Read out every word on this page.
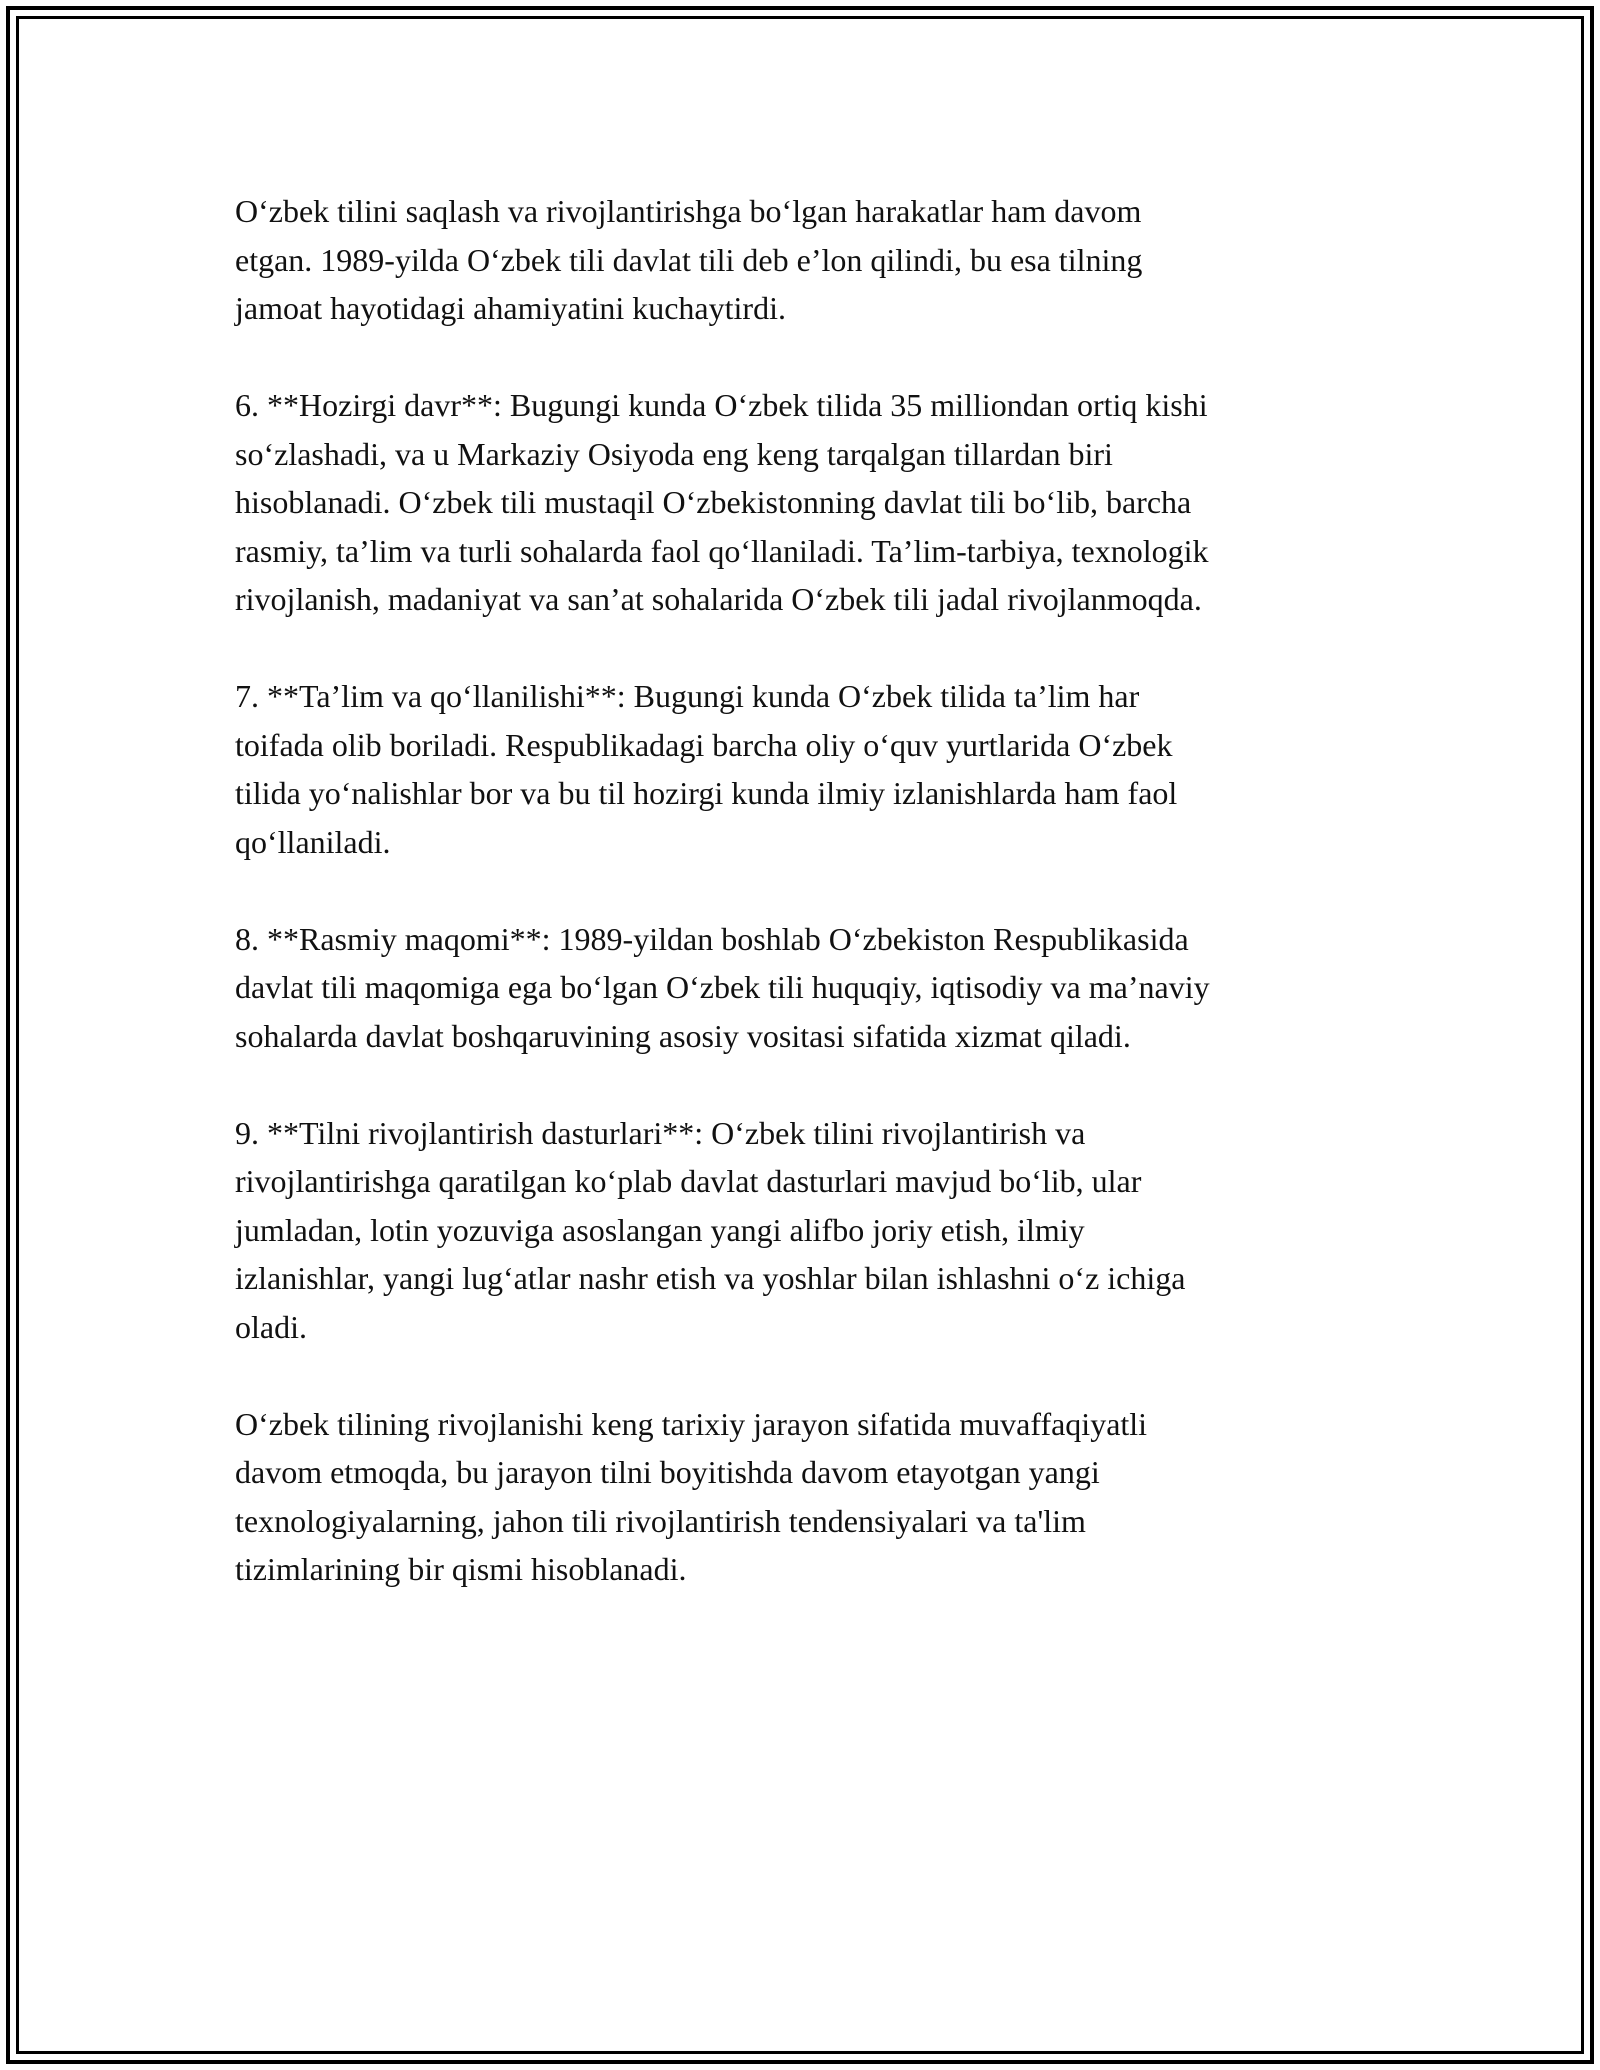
O‘zbek tilini saqlash va rivojlantirishga bo‘lgan harakatlar ham davom
etgan. 1989-yilda O‘zbek tili davlat tili deb e’lon qilindi, bu esa tilning
jamoat hayotidagi ahamiyatini kuchaytirdi.

6. **Hozirgi davr**: Bugungi kunda O‘zbek tilida 35 milliondan ortiq kishi
so‘zlashadi, va u Markaziy Osiyoda eng keng tarqalgan tillardan biri
hisoblanadi. O‘zbek tili mustaqil O‘zbekistonning davlat tili bo‘lib, barcha
rasmiy, ta’lim va turli sohalarda faol qo‘llaniladi. Ta’lim-tarbiya, texnologik
rivojlanish, madaniyat va san’at sohalarida O‘zbek tili jadal rivojlanmoqda.

7. **Ta’lim va qo‘llanilishi**: Bugungi kunda O‘zbek tilida ta’lim har
toifada olib boriladi. Respublikadagi barcha oliy o‘quv yurtlarida O‘zbek
tilida yo‘nalishlar bor va bu til hozirgi kunda ilmiy izlanishlarda ham faol
qo‘llaniladi.

8. **Rasmiy maqomi**: 1989-yildan boshlab O‘zbekiston Respublikasida
davlat tili maqomiga ega bo‘lgan O‘zbek tili huquqiy, iqtisodiy va ma’naviy
sohalarda davlat boshqaruvining asosiy vositasi sifatida xizmat qiladi.

9. **Tilni rivojlantirish dasturlari**: O‘zbek tilini rivojlantirish va
rivojlantirishga qaratilgan ko‘plab davlat dasturlari mavjud bo‘lib, ular
jumladan, lotin yozuviga asoslangan yangi alifbo joriy etish, ilmiy
izlanishlar, yangi lug‘atlar nashr etish va yoshlar bilan ishlashni o‘z ichiga
oladi.

O‘zbek tilining rivojlanishi keng tarixiy jarayon sifatida muvaffaqiyatli
davom etmoqda, bu jarayon tilni boyitishda davom etayotgan yangi
texnologiyalarning, jahon tili rivojlantirish tendensiyalari va ta'lim
tizimlarining bir qismi hisoblanadi.
